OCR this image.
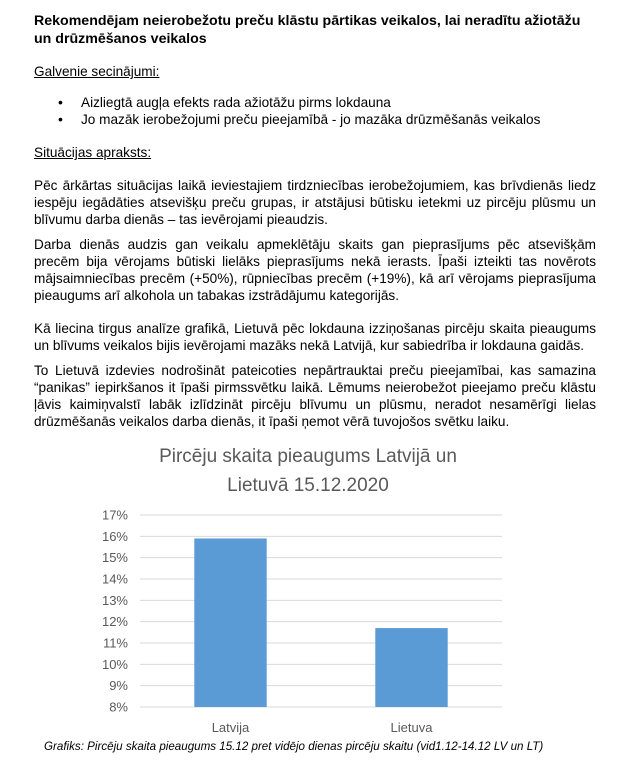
Rekomendējam neierobežotu preču klāstu pārtikas veikalos, lai neradītu ažiotāžu un drūzmēšanos veikalos
Galvenie secinājumi:
• Aizliegtā augļa efekts rada ažiotāžu pirms lokdauna
• Jo mazāk ierobežojumi preču pieejamībā - jo mazāka drūzmēšanās veikalos
Situācijas apraksts:

Pēc ārkārtas situācijas laikā ieviestajiem tirdzniecības ierobežojumiem, kas brīvdienās liedz iespēju iegādāties atsevišķu preču grupas, ir atstājusi būtisku ietekmi uz pircēju plūsmu un blīvumu darba dienās – tas ievērojami pieaudzis.

Darba dienās audzis gan veikalu apmeklētāju skaits gan pieprasījums pēc atsevišķām precēm bija vērojams būtiski lielāks pieprasījums nekā ierasts. Īpaši izteikti tas novērots mājsaimniecības precēm (+50%), rūpniecības precēm (+19%), kā arī vērojams pieprasījuma pieaugums arī alkohola un tabakas izstrādājumu kategorijās.

Kā liecina tirgus analīze grafikā, Lietuvā pēc lokdauna izziņošanas pircēju skaita pieaugums un blīvums veikalos bijis ievērojami mazāks nekā Latvijā, kur sabiedrība ir lokdauna gaidās.

To Lietuvā izdevies nodrošināt pateicoties nepārtrauktai preču pieejamībai, kas samazina “panikas” iepirkšanos it īpaši pirmssvētku laikā. Lēmums neierobežot pieejamo preču klāstu ļāvis kaimiņvalstī labāk izlīdzināt pircēju blīvumu un plūsmu, neradot nesamērīgi lielas drūzmēšanās veikalos darba dienās, it īpaši ņemot vērā tuvojošos svētku laiku.

Pircēju skaita pieaugums Latvijā un
Lietuvā 15.12.2020
8%
9%
10%
11%
12%
13%
14%
15%
16%
17%
Latvija	Lietuva
Grafiks: Pircēju skaita pieaugums 15.12 pret vidējo dienas pircēju skaitu (vid1.12-14.12 LV un LT)
